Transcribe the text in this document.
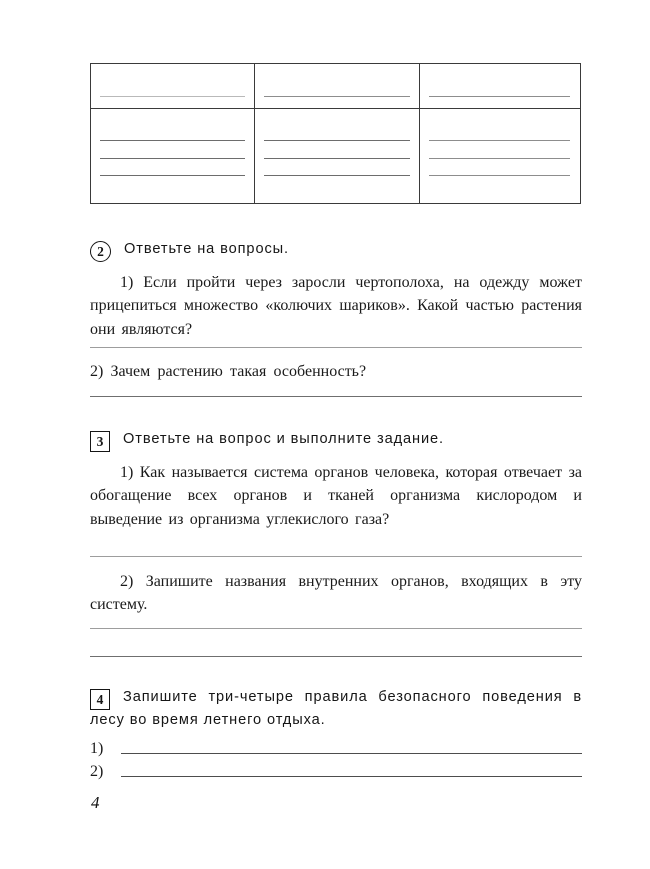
2	Ответьте на вопросы.
1) Если пройти через заросли чертополоха, на одежду может прицепиться множество «колючих шариков». Какой частью растения они являются?
2) Зачем растению такая особенность?
3	Ответьте на вопрос и выполните задание.
1) Как называется система органов человека, которая отвечает за обогащение всех органов и тканей организма кислородом и выведение из организма углекислого газа?
2) Запишите названия внутренних органов, входящих в эту систему.
4 Запишите три-четыре правила безопасного поведения в лесу во время летнего отдыха.
1)
2)
4
